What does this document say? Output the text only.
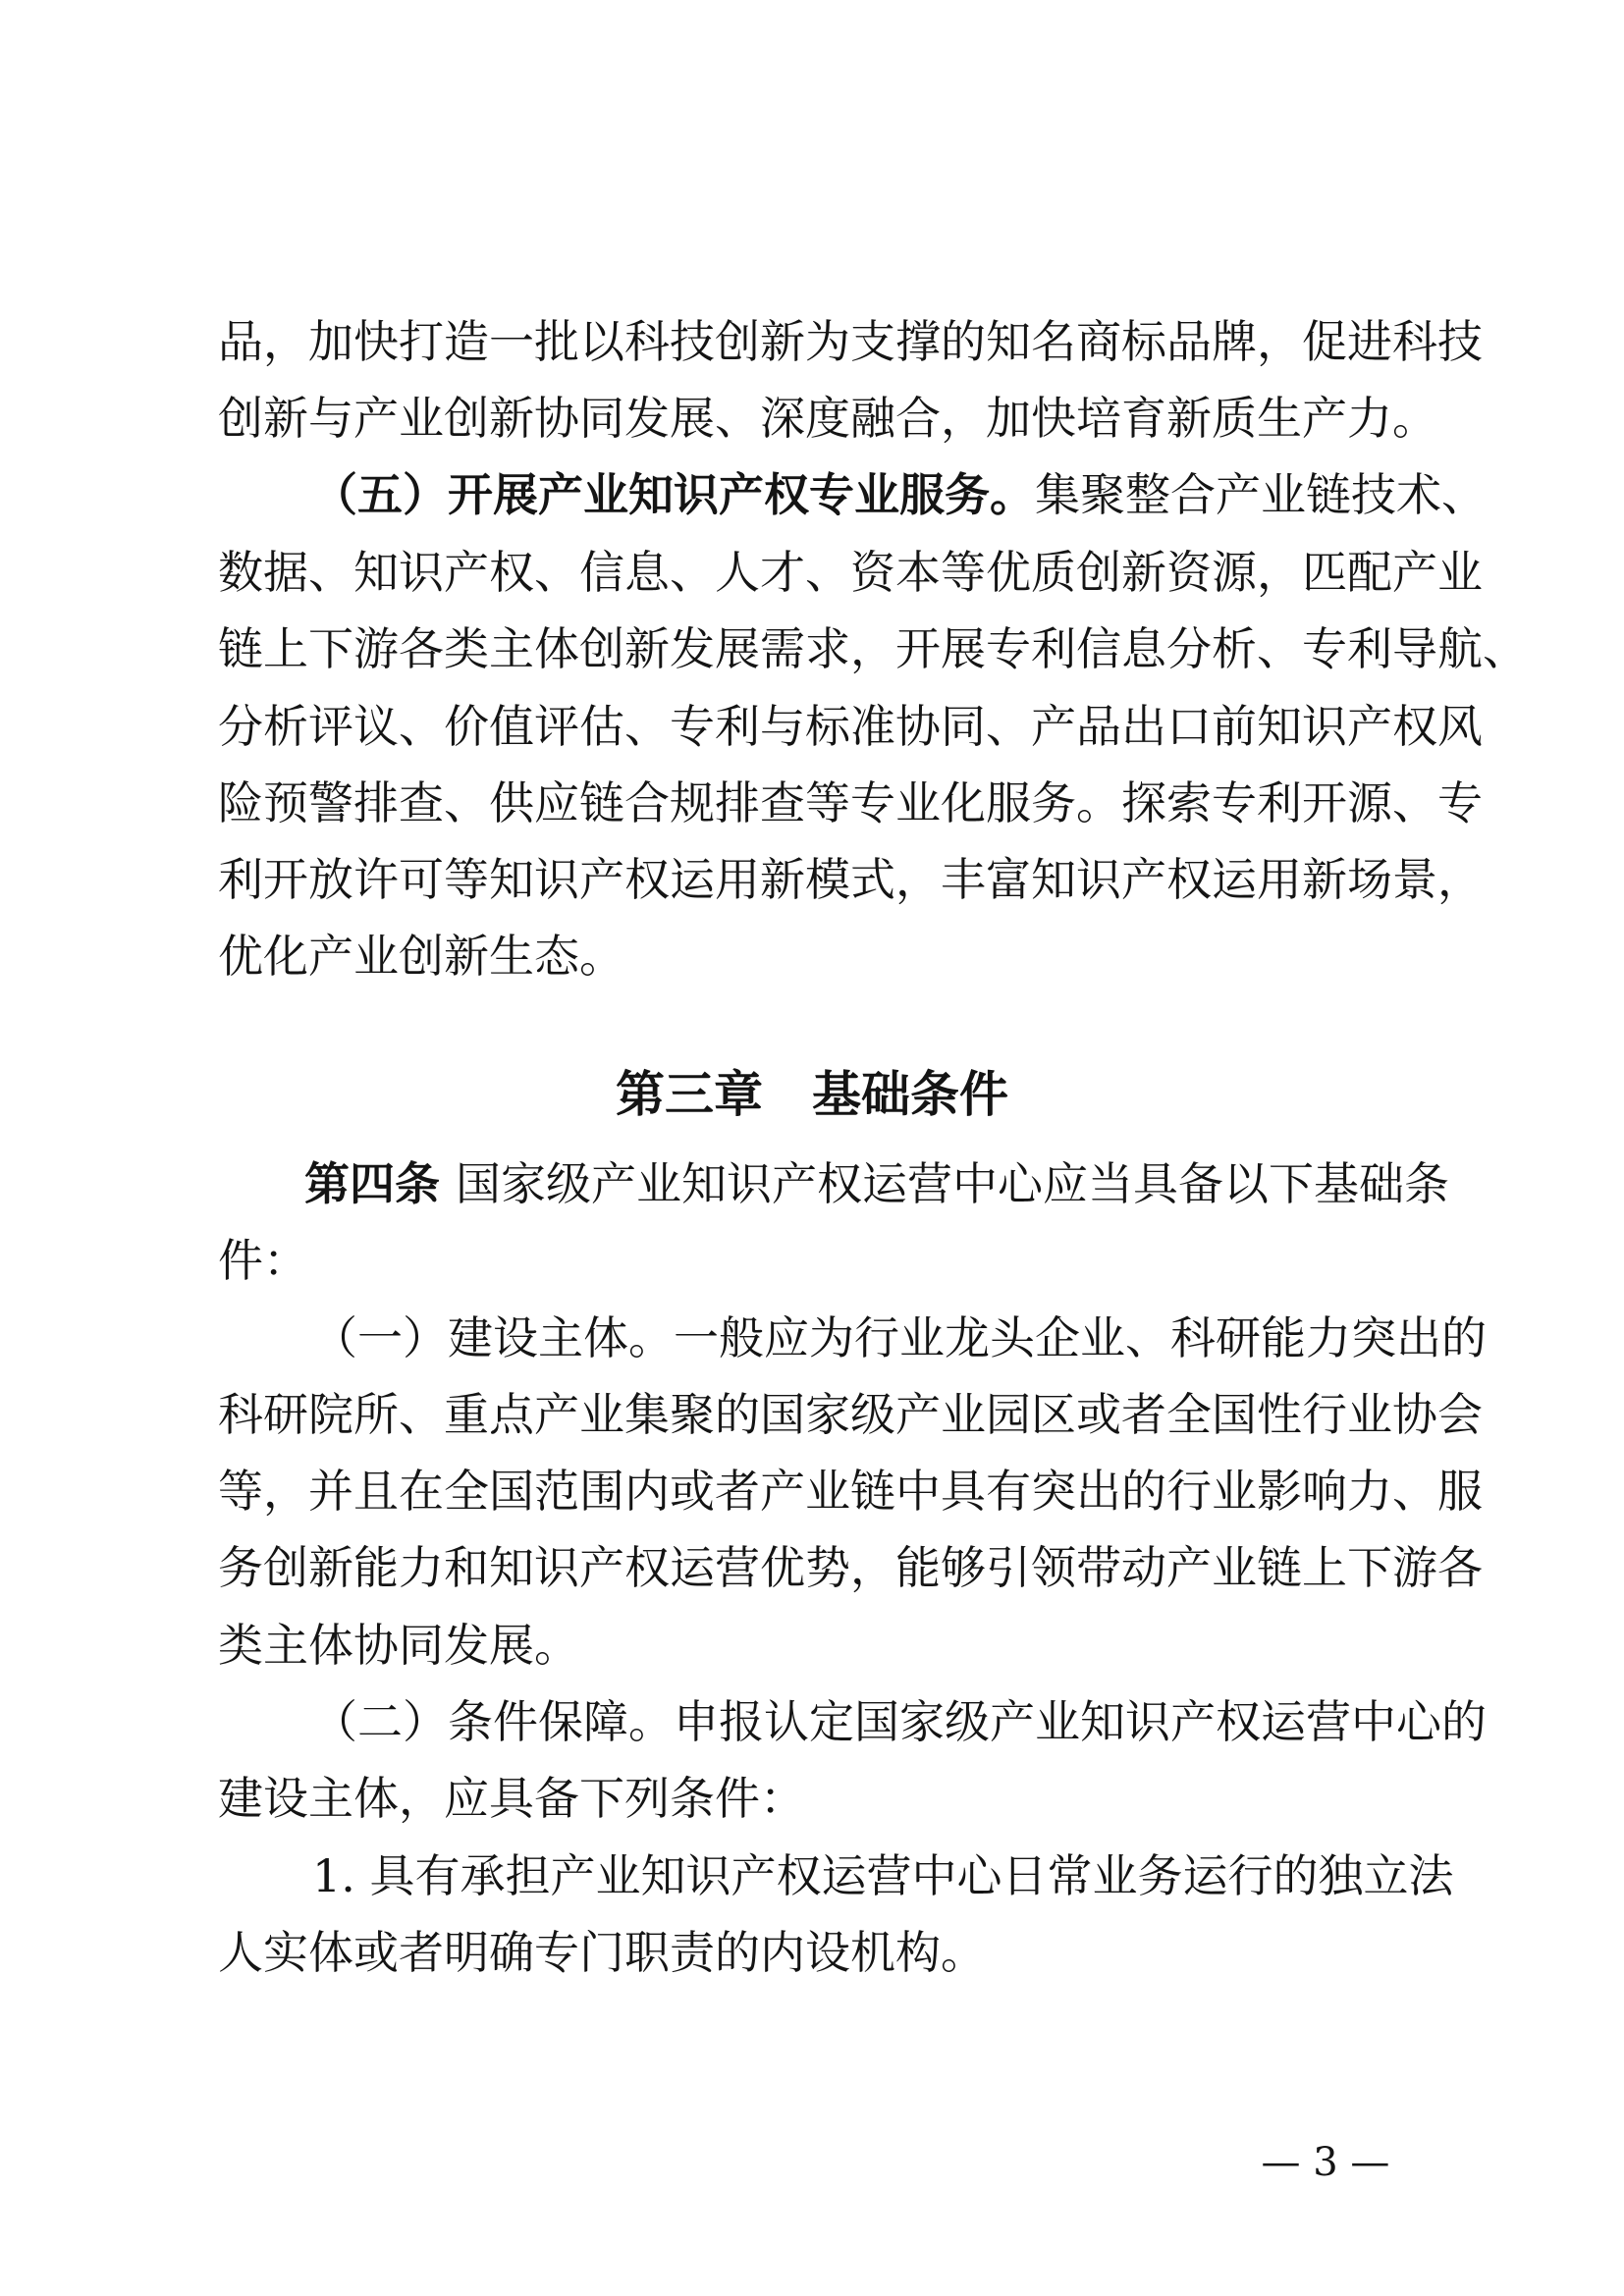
品，加快打造一批以科技创新为支撑的知名商标品牌，促进科技
创新与产业创新协同发展、深度融合，加快培育新质生产力。
（五）开展产业知识产权专业服务。集聚整合产业链技术、
数据、知识产权、信息、人才、资本等优质创新资源，匹配产业
链上下游各类主体创新发展需求，开展专利信息分析、专利导航、
分析评议、价值评估、专利与标准协同、产品出口前知识产权风
险预警排查、供应链合规排查等专业化服务。探索专利开源、专
利开放许可等知识产权运用新模式，丰富知识产权运用新场景，
优化产业创新生态。
第三章　基础条件
第四条 国家级产业知识产权运营中心应当具备以下基础条
件：
（一）建设主体。一般应为行业龙头企业、科研能力突出的
科研院所、重点产业集聚的国家级产业园区或者全国性行业协会
等，并且在全国范围内或者产业链中具有突出的行业影响力、服
务创新能力和知识产权运营优势，能够引领带动产业链上下游各
类主体协同发展。
（二）条件保障。申报认定国家级产业知识产权运营中心的
建设主体，应具备下列条件：
1. 具有承担产业知识产权运营中心日常业务运行的独立法
人实体或者明确专门职责的内设机构。
— 3 —
